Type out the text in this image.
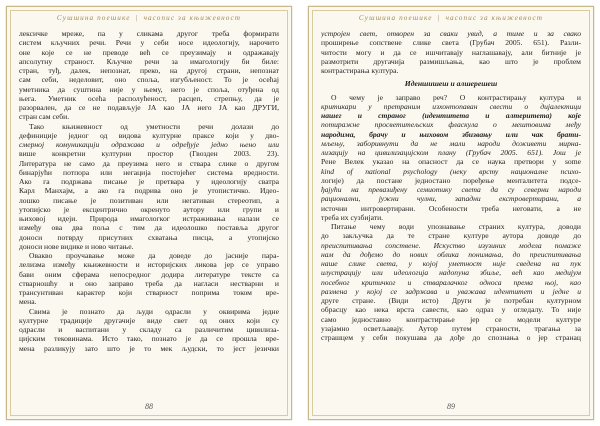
Сушшина поешике | часопис за књижевност
лексичке мреже, па у сликама другог треба формирати
систем кључних речи. Речи у себи носе идеологију, нарочито
оне које се не преводе већ се преузимају и одражавају
апсолутну страност. Кључне речи за имагологију би биле:
стран, туђ, далек, непознат, преко, на другој страни, непознат
сам себи, неделовит, оно споља, изгубљеност. То је осећај
уметника да суштина није у њему, него је споља, отуђена од
њега. Уметник осећа располућеност, расцеп, стрепњу, да је
разорвален, да се не подављује ЈА као ЈА него ЈА као ДРУГИ,
стран сам себи.
Тако књижевност од уметности речи долази до
дефиниције једног од видова културне праксе који у дво-
смерној комуникацији одражава и одређује једно њено или
више конкретни културни простор (Гвозден 2003. 23).
Литература не само да преузима него и ствара слике о другом
бинарјући потпора или негација постојећег система вредности.
Ако га подржава писање је претвара у идеологију сватра
Карл Манхајм, а ако га подрива оно је утопистичко. Идео-
лошко писање је позитиван или негативан стереотип, а
утопијско је ексцентрично окренуто аутору или групи и
њиховој идеји. Природа имагологког истраживања налази се
између ова два поља с тим да идеолошко поставља другог
доноси потврду присутних схватања писца, а утопијско
доноси нове видике и ново читање.
Овакво проучавање може да доведе до јасније пара-
лелизма између књижевности и историјских ликова јер се управо
бави оним сферама непосредног додира литературе тексте са
стварношћу и оно заправо треба да нагласи нестварни и
трансунтиван карактер који стварност поприма током вре-
мена.
Свима је познато да људи одрасли у оквирима једне
културне традиције другачије виде свет од оних који су
одрасли и васпитани у складу са различитим цивилиза-
цијским тековинама. Исто тако, познато је да се прошла вре-
мена разликују зато што је то мек људски, то јест језички
88
Сушшина поешике | часопис за књижевност
устројен свет, отворен за сваки увид, а тиме и за свако
проширење сопствене слике света (Грубач 2005. 651). Разли-
читости могу и да се ишчитавају наглашавају, али битније је
размотрити другачија размишљања, као што је проблем
контрастирања култура.
Иденшишеш и алшерешеш
О чему је заправо реч? О контрастирању култура и
критикари у претраним изхонтопаван свести о дијалектици
нашег и страног (идентитета и алтеритета) које
потиражне просветитељских фласкула о мештовима међу
народима, брачу и њиховом збизвању или чак брати-
мљењу, заборивнути да не мали народи доживети мирна-
лизацију на цивилизацијском плану (Грубач 2005. 651). Још је
Рене Велек указао на опасност да се наука претвори у some
kind of national psychology (нeку врсту националне психо-
логије) да постане једностано поређење менталитета подсе-
ђајући на превазиђену семиотику света да су северни народи
рационални, јужни чулни, западни екстровертирани, а
источни интровертирани. Особености треба неговати, а не
треба их сузбијати.
Питање чему води упознавање страних култура, доводи
до закључка да те стране културе аутора доводе до
преиспитивања сопствене. Искуство изузиних модела помаже
нам да дођемо до нових облика понимања, до преиспитивања
наше слике света, у којој уметност није сведена на пук
илустрацију или идеологија надопуна збиље, већ као медијум
посебног критичког и стваралачког односа према њој, као
размена у којој се задржава и уважава идентитет и једне и
друге стране. (Види исто) Други је потребан културном
обрасцу као нека врста савести, као одраз у огледалу. То није
само једноставно контрастирање јер се модели културе
узајамно осветљавају. Аутор путем страности, трагања за
страшцем у себи покушава да дође до спознања о јер странац
89
